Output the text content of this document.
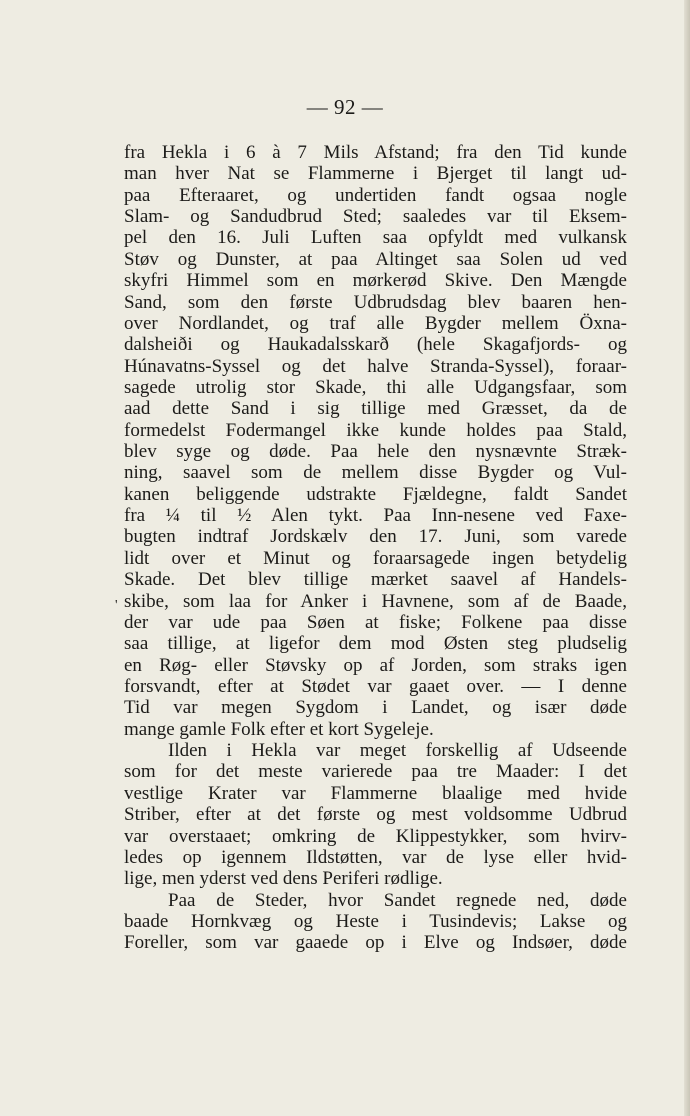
— 92 —
'
fra Hekla i 6 à 7 Mils Afstand; fra den Tid kunde
man hver Nat se Flammerne i Bjerget til langt ud-
paa Efteraaret, og undertiden fandt ogsaa nogle
Slam- og Sandudbrud Sted; saaledes var til Eksem-
pel den 16. Juli Luften saa opfyldt med vulkansk
Støv og Dunster, at paa Altinget saa Solen ud ved
skyfri Himmel som en mørkerød Skive. Den Mængde
Sand, som den første Udbrudsdag blev baaren hen-
over Nordlandet, og traf alle Bygder mellem Öxna-
dalsheiði og Haukadalsskarð (hele Skagafjords- og
Húnavatns-Syssel og det halve Stranda-Syssel), foraar-
sagede utrolig stor Skade, thi alle Udgangsfaar, som
aad dette Sand i sig tillige med Græsset, da de
formedelst Fodermangel ikke kunde holdes paa Stald,
blev syge og døde. Paa hele den nysnævnte Stræk-
ning, saavel som de mellem disse Bygder og Vul-
kanen beliggende udstrakte Fjældegne, faldt Sandet
fra ¼ til ½ Alen tykt. Paa Inn-nesene ved Faxe-
bugten indtraf Jordskælv den 17. Juni, som varede
lidt over et Minut og foraarsagede ingen betydelig
Skade. Det blev tillige mærket saavel af Handels-
skibe, som laa for Anker i Havnene, som af de Baade,
der var ude paa Søen at fiske; Folkene paa disse
saa tillige, at ligefor dem mod Østen steg pludselig
en Røg- eller Støvsky op af Jorden, som straks igen
forsvandt, efter at Stødet var gaaet over. — I denne
Tid var megen Sygdom i Landet, og især døde
mange gamle Folk efter et kort Sygeleje.
Ilden i Hekla var meget forskellig af Udseende
som for det meste varierede paa tre Maader: I det
vestlige Krater var Flammerne blaalige med hvide
Striber, efter at det første og mest voldsomme Udbrud
var overstaaet; omkring de Klippestykker, som hvirv-
ledes op igennem Ildstøtten, var de lyse eller hvid-
lige, men yderst ved dens Periferi rødlige.
Paa de Steder, hvor Sandet regnede ned, døde
baade Hornkvæg og Heste i Tusindevis; Lakse og
Foreller, som var gaaede op i Elve og Indsøer, døde
